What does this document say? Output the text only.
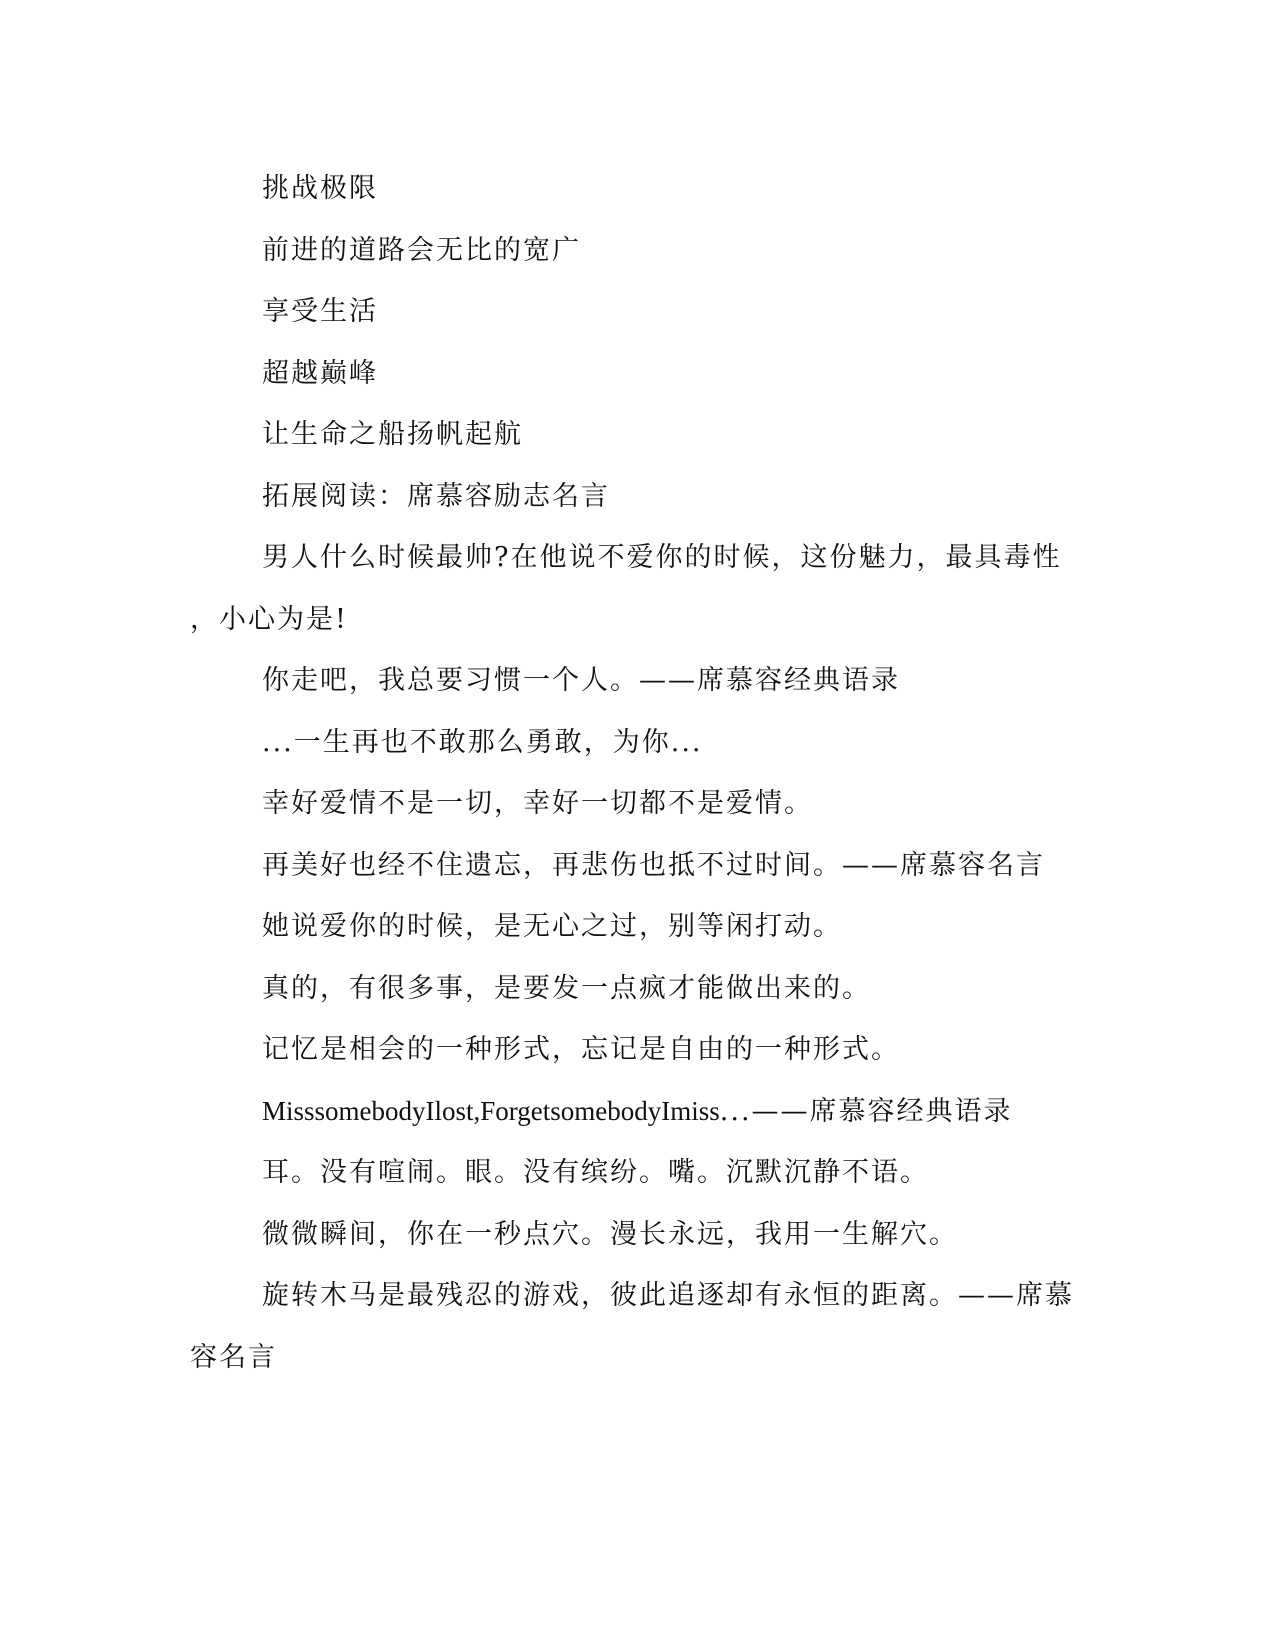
挑战极限

前进的道路会无比的宽广

享受生活

超越巅峰

让生命之船扬帆起航

拓展阅读：席慕容励志名言

男人什么时候最帅?在他说不爱你的时候，这份魅力，最具毒性

，小心为是!

你走吧，我总要习惯一个人。——席慕容经典语录

...一生再也不敢那么勇敢，为你...

幸好爱情不是一切，幸好一切都不是爱情。

再美好也经不住遗忘，再悲伤也抵不过时间。——席慕容名言

她说爱你的时候，是无心之过，别等闲打动。

真的，有很多事，是要发一点疯才能做出来的。

记忆是相会的一种形式，忘记是自由的一种形式。

MisssomebodyIlost,ForgetsomebodyImiss...——席慕容经典语录

耳。没有喧闹。眼。没有缤纷。嘴。沉默沉静不语。

微微瞬间，你在一秒点穴。漫长永远，我用一生解穴。

旋转木马是最残忍的游戏，彼此追逐却有永恒的距离。——席慕

容名言
